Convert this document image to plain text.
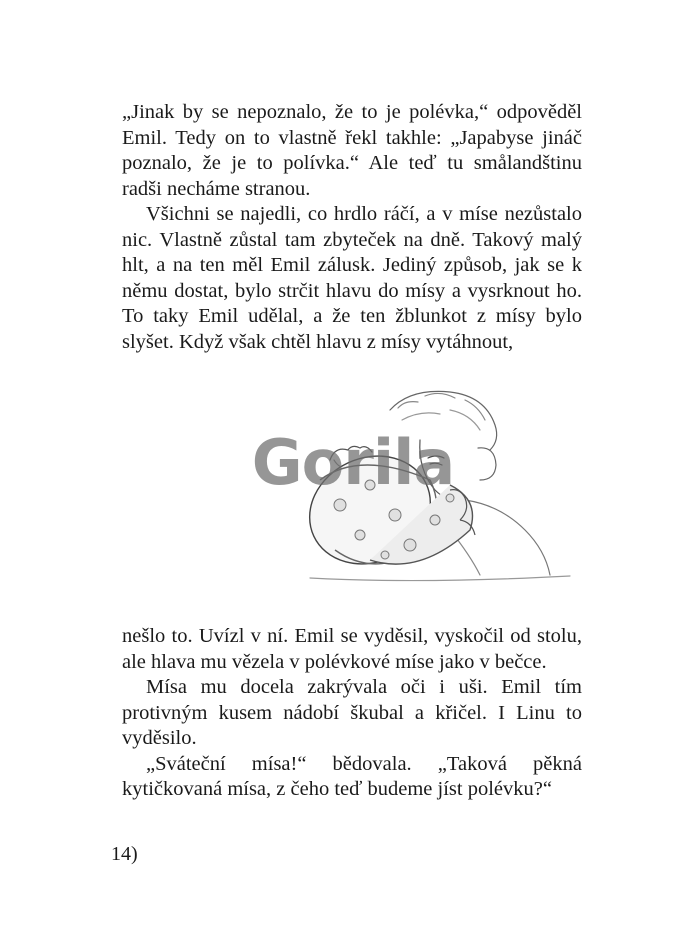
„Jinak by se nepoznalo, že to je polévka,“ odpověděl Emil. Tedy on to vlastně řekl takhle: „Japabyse jináč poznalo, že je to polívka.“ Ale teď tu smålandštinu radši necháme stranou.

Všichni se najedli, co hrdlo ráčí, a v míse nezůstalo nic. Vlastně zůstal tam zbyteček na dně. Takový malý hlt, a na ten měl Emil zálusk. Jediný způsob, jak se k němu dostat, bylo strčit hlavu do mísy a vysrknout ho. To taky Emil udělal, a že ten žblunkot z mísy bylo slyšet. Když však chtěl hlavu z mísy vytáhnout,

Gorila

nešlo to. Uvízl v ní. Emil se vyděsil, vyskočil od stolu, ale hlava mu vězela v polévkové míse jako v bečce.

Mísa mu docela zakrývala oči i uši. Emil tím protivným kusem nádobí škubal a křičel. I Linu to vyděsilo.

„Sváteční mísa!“ bědovala. „Taková pěkná kytičkovaná mísa, z čeho teď budeme jíst polévku?“

14)
